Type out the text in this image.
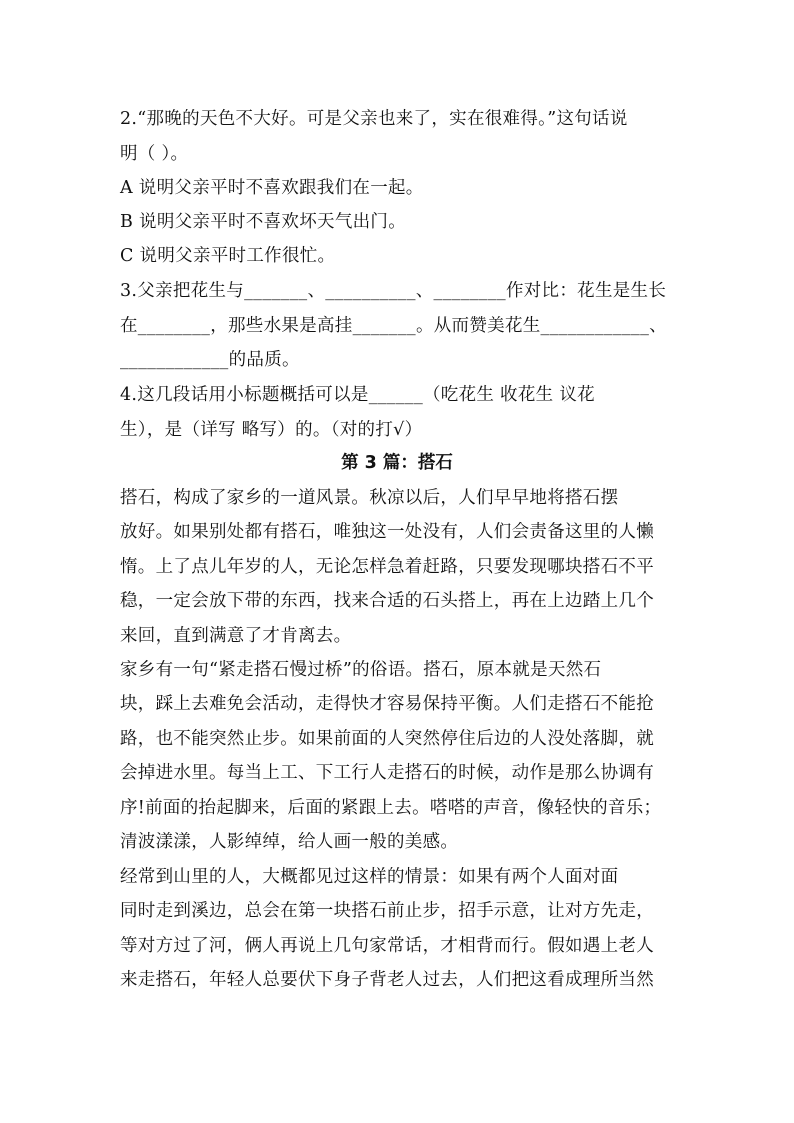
2.“那晚的天色不大好。可是父亲也来了，实在很难得。”这句话说
明（ ）。
A 说明父亲平时不喜欢跟我们在一起。
B 说明父亲平时不喜欢坏天气出门。
C 说明父亲平时工作很忙。
3.父亲把花生与_______、__________、________作对比：花生是生长
在________，那些水果是高挂_______。从而赞美花生____________、
____________的品质。
4.这几段话用小标题概括可以是______（吃花生 收花生 议花
生），是（详写 略写）的。（对的打√）
第 3 篇：搭石
搭石，构成了家乡的一道风景。秋凉以后，人们早早地将搭石摆
放好。如果别处都有搭石，唯独这一处没有，人们会责备这里的人懒
惰。上了点儿年岁的人，无论怎样急着赶路，只要发现哪块搭石不平
稳，一定会放下带的东西，找来合适的石头搭上，再在上边踏上几个
来回，直到满意了才肯离去。
家乡有一句“紧走搭石慢过桥”的俗语。搭石，原本就是天然石
块，踩上去难免会活动，走得快才容易保持平衡。人们走搭石不能抢
路，也不能突然止步。如果前面的人突然停住后边的人没处落脚，就
会掉进水里。每当上工、下工行人走搭石的时候，动作是那么协调有
序!前面的抬起脚来，后面的紧跟上去。嗒嗒的声音，像轻快的音乐；
清波漾漾，人影绰绰，给人画一般的美感。
经常到山里的人，大概都见过这样的情景：如果有两个人面对面
同时走到溪边，总会在第一块搭石前止步，招手示意，让对方先走，
等对方过了河，俩人再说上几句家常话，才相背而行。假如遇上老人
来走搭石，年轻人总要伏下身子背老人过去，人们把这看成理所当然
